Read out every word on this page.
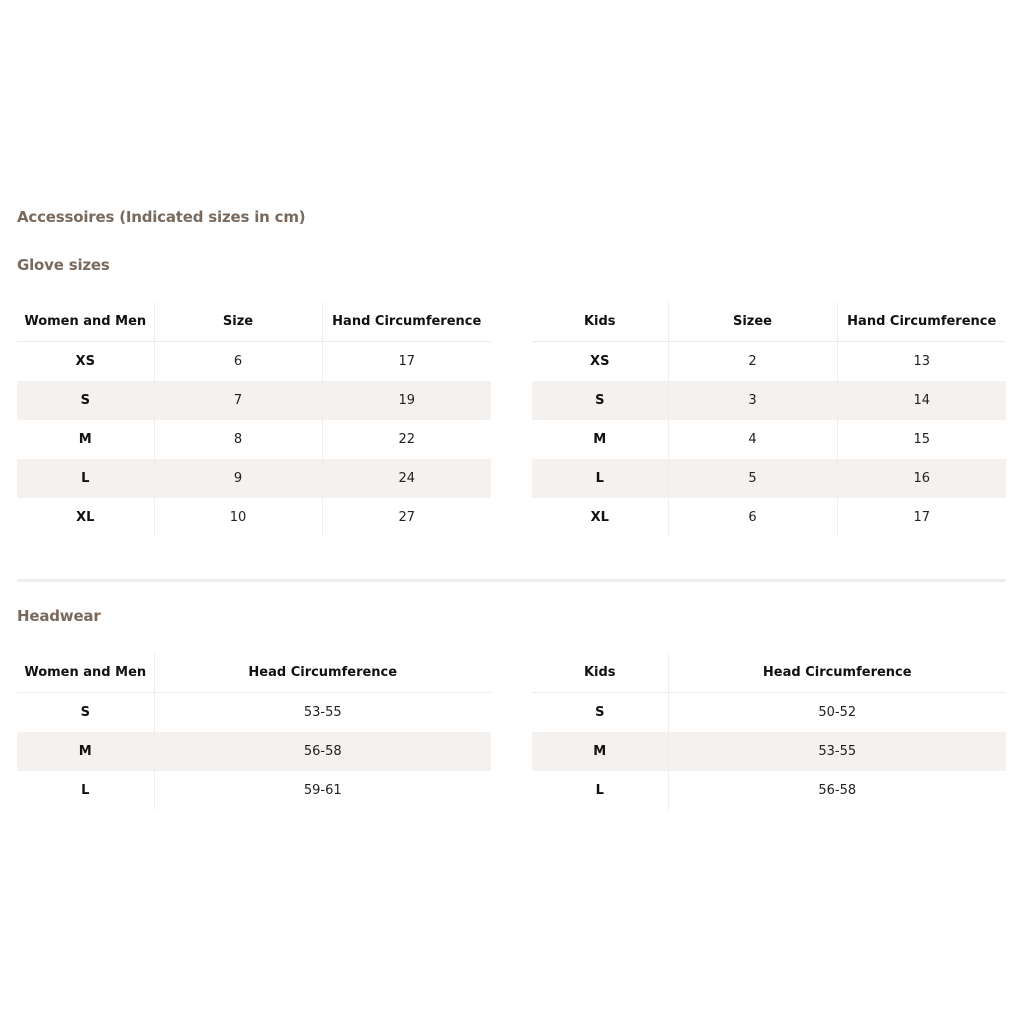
Accessoires (Indicated sizes in cm)
Glove sizes
Women and Men	Size	Hand Circumference
XS	6	17
S	7	19
M	8	22
L	9	24
XL	10	27
Kids	Sizee	Hand Circumference
XS	2	13
S	3	14
M	4	15
L	5	16
XL	6	17
Headwear
Women and Men	Head Circumference
S	53-55
M	56-58
L	59-61
Kids	Head Circumference
S	50-52
M	53-55
L	56-58
